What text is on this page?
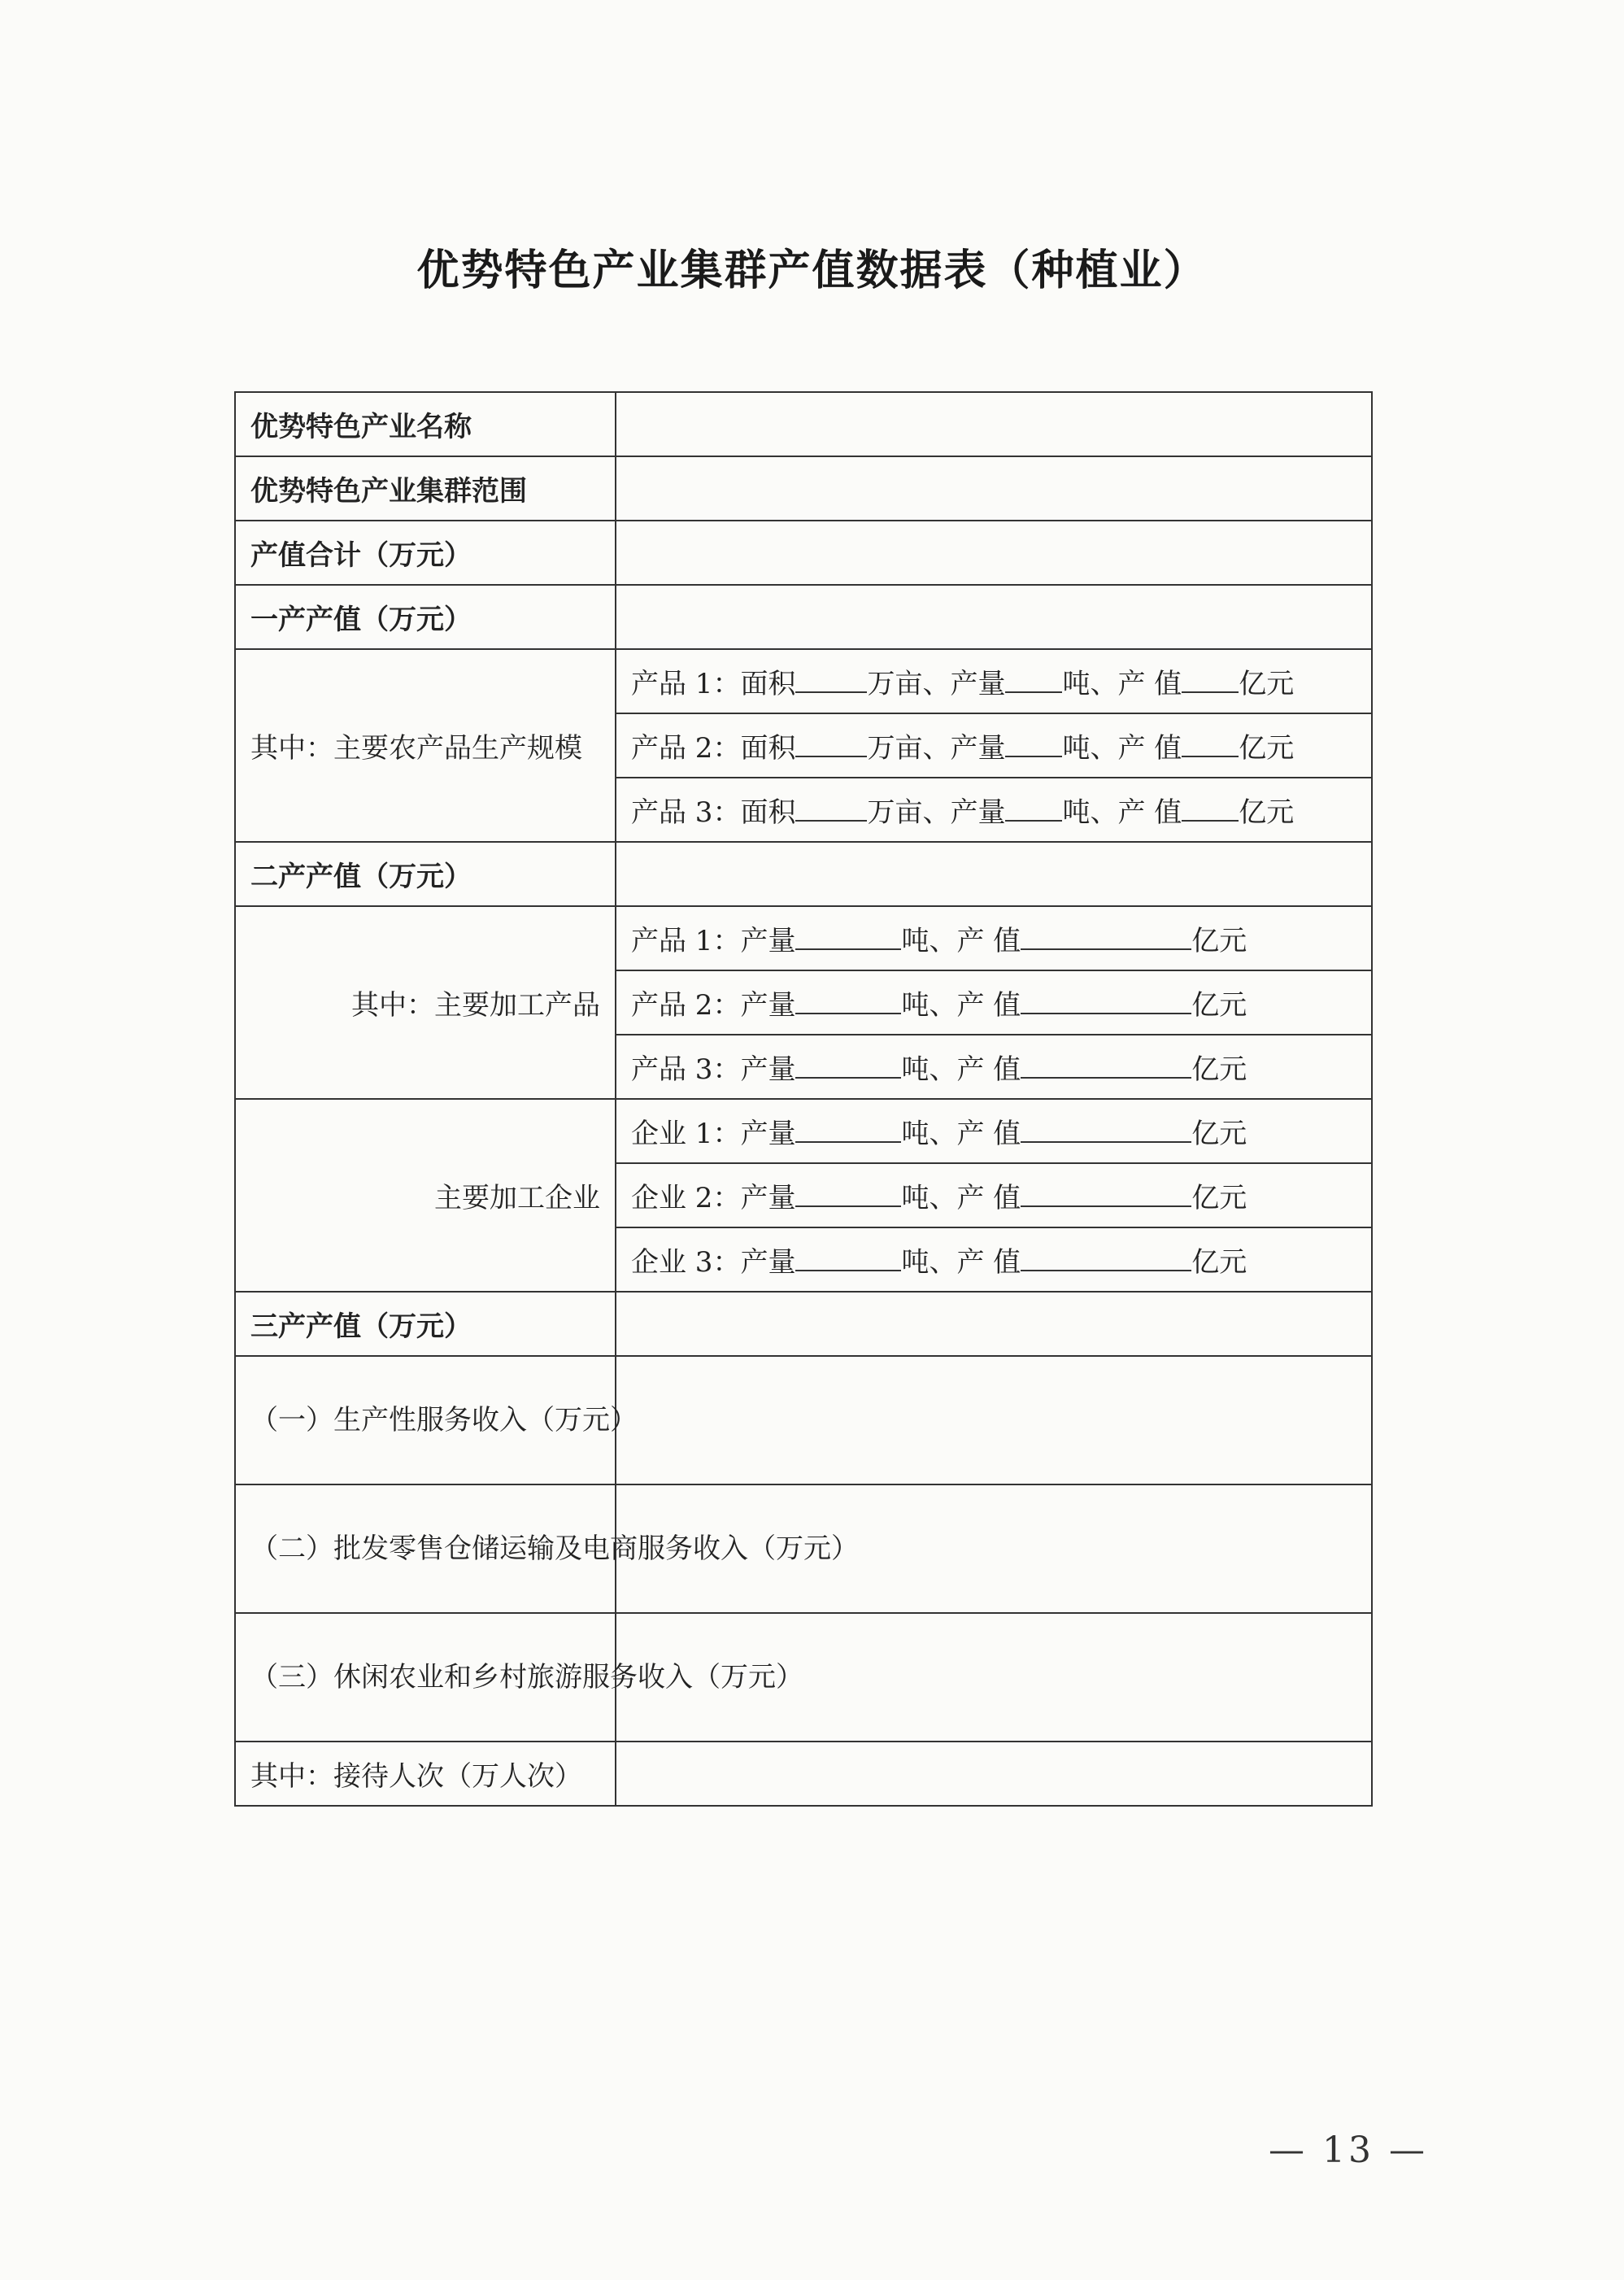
优势特色产业集群产值数据表（种植业）
优势特色产业名称	
优势特色产业集群范围	
产值合计（万元）	
一产产值（万元）	
其中：主要农产品生产规模	产品 1：面积 万亩、产量 吨、产 值 亿元
	产品 2：面积 万亩、产量 吨、产 值 亿元
	产品 3：面积 万亩、产量 吨、产 值 亿元
二产产值（万元）	
其中：主要加工产品	产品 1：产量 吨、产 值 亿元
	产品 2：产量 吨、产 值 亿元
	产品 3：产量 吨、产 值 亿元
主要加工企业	企业 1：产量 吨、产 值 亿元
	企业 2：产量 吨、产 值 亿元
	企业 3：产量 吨、产 值 亿元
三产产值（万元）	
（一）生产性服务收入（万元）	
（二）批发零售仓储运输及电商服务收入（万元）	
（三）休闲农业和乡村旅游服务收入（万元）	
其中：接待人次（万人次）	
— 13 —
